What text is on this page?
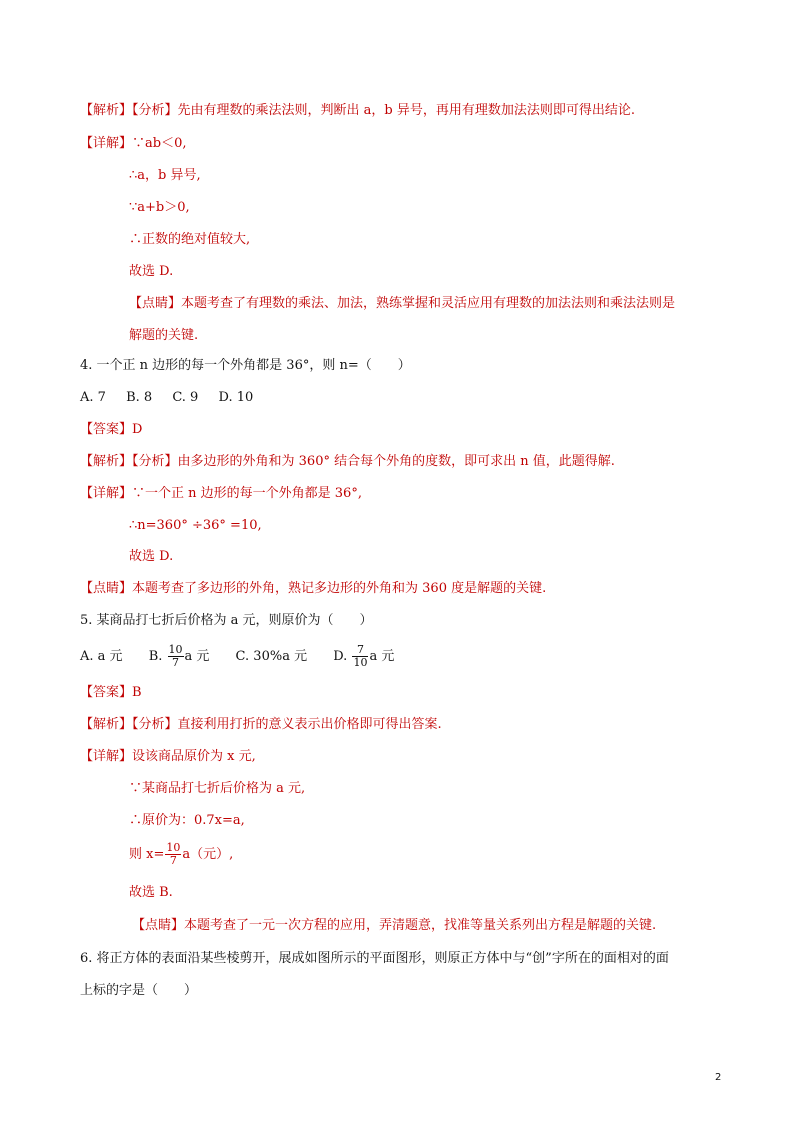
【解析】【分析】先由有理数的乘法法则，判断出 a，b 异号，再用有理数加法法则即可得出结论.
【详解】∵ab＜0,
∴a，b 异号,
∵a+b＞0,
∴正数的绝对值较大,
故选 D.
【点睛】本题考查了有理数的乘法、加法，熟练掌握和灵活应用有理数的加法法则和乘法法则是
解题的关键.
4. 一个正 n 边形的每一个外角都是 36°，则 n=（　　）
A. 7 B. 8 C. 9 D. 10
【答案】D
【解析】【分析】由多边形的外角和为 360° 结合每个外角的度数，即可求出 n 值，此题得解.
【详解】∵一个正 n 边形的每一个外角都是 36°,
∴n=360° ÷36° =10,
故选 D.
【点睛】本题考查了多边形的外角，熟记多边形的外角和为 360 度是解题的关键.
5. 某商品打七折后价格为 a 元，则原价为（　　）
A. a 元 B. $\frac{10}{7}$ a 元 C. 30%a 元 D. $\frac{7}{10}$ a 元
【答案】B
【解析】【分析】直接利用打折的意义表示出价格即可得出答案.
【详解】设该商品原价为 x 元,
∵某商品打七折后价格为 a 元,
∴原价为：0.7x=a,
则 $x= \frac{10}{7} a$（元）,
故选 B.
【点睛】本题考查了一元一次方程的应用，弄清题意，找准等量关系列出方程是解题的关键.
6. 将正方体的表面沿某些棱剪开，展成如图所示的平面图形，则原正方体中与“创”字所在的面相对的面
上标的字是（　　）
2
